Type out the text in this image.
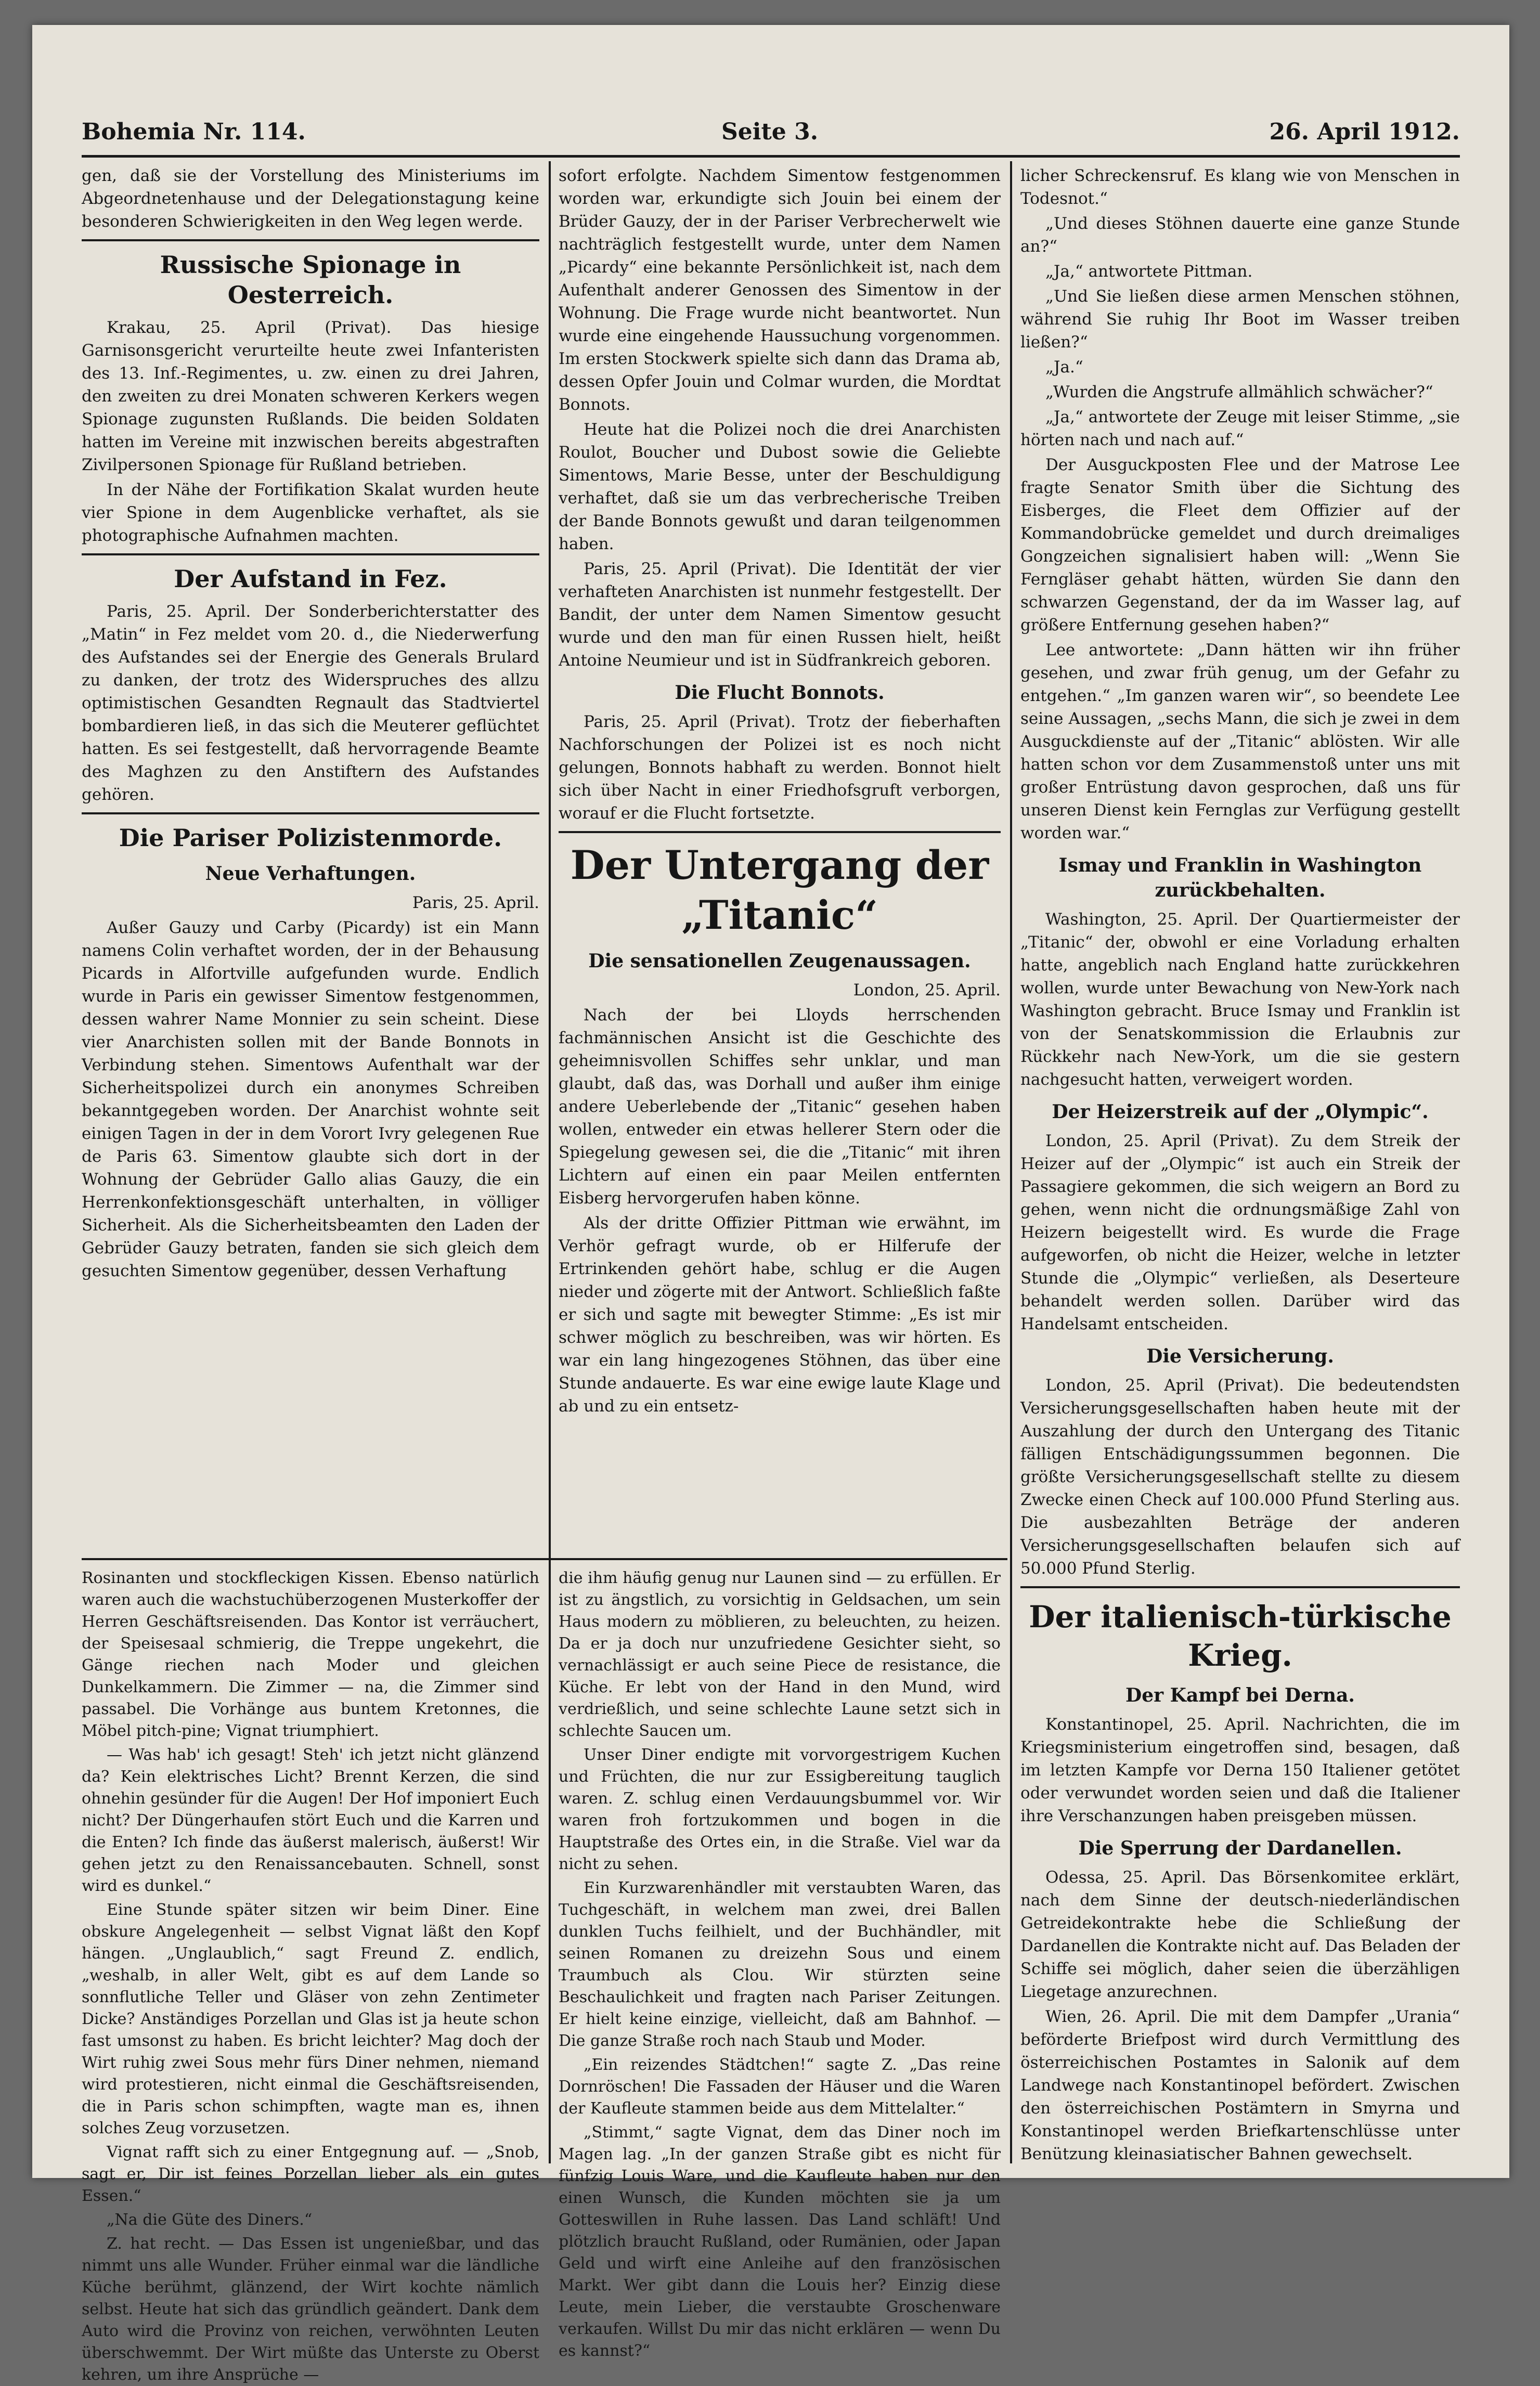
Bohemia Nr. 114.	Seite 3.	26. April 1912.

gen, daß sie der Vorstellung des Ministeriums im Abgeordnetenhause und der Delegationstagung keine besonderen Schwierigkeiten in den Weg legen werde.

Russische Spionage in Oesterreich.

Krakau, 25. April (Privat). Das hiesige Garnisonsgericht verurteilte heute zwei Infanteristen des 13. Inf.-Regimentes, u. zw. einen zu drei Jahren, den zweiten zu drei Monaten schweren Kerkers wegen Spionage zugunsten Rußlands. Die beiden Soldaten hatten im Vereine mit inzwischen bereits abgestraften Zivilpersonen Spionage für Rußland betrieben.

In der Nähe der Fortifikation Skalat wurden heute vier Spione in dem Augenblicke verhaftet, als sie photographische Aufnahmen machten.

Der Aufstand in Fez.

Paris, 25. April. Der Sonderberichterstatter des „Matin“ in Fez meldet vom 20. d., die Niederwerfung des Aufstandes sei der Energie des Generals Brulard zu danken, der trotz des Widerspruches des allzu optimistischen Gesandten Regnault das Stadtviertel bombardieren ließ, in das sich die Meuterer geflüchtet hatten. Es sei festgestellt, daß hervorragende Beamte des Maghzen zu den Anstiftern des Aufstandes gehören.

Die Pariser Polizistenmorde.
Neue Verhaftungen.
Paris, 25. April.

Außer Gauzy und Carby (Picardy) ist ein Mann namens Colin verhaftet worden, der in der Behausung Picards in Alfortville aufgefunden wurde. Endlich wurde in Paris ein gewisser Simentow festgenommen, dessen wahrer Name Monnier zu sein scheint. Diese vier Anarchisten sollen mit der Bande Bonnots in Verbindung stehen. Simentows Aufenthalt war der Sicherheitspolizei durch ein anonymes Schreiben bekanntgegeben worden. Der Anarchist wohnte seit einigen Tagen in der in dem Vorort Ivry gelegenen Rue de Paris 63. Simentow glaubte sich dort in der Wohnung der Gebrüder Gallo alias Gauzy, die ein Herrenkonfektionsgeschäft unterhalten, in völliger Sicherheit. Als die Sicherheitsbeamten den Laden der Gebrüder Gauzy betraten, fanden sie sich gleich dem gesuchten Simentow gegenüber, dessen Verhaftung

sofort erfolgte. Nachdem Simentow festgenommen worden war, erkundigte sich Jouin bei einem der Brüder Gauzy, der in der Pariser Verbrecherwelt wie nachträglich festgestellt wurde, unter dem Namen „Picardy“ eine bekannte Persönlichkeit ist, nach dem Aufenthalt anderer Genossen des Simentow in der Wohnung. Die Frage wurde nicht beantwortet. Nun wurde eine eingehende Haussuchung vorgenommen. Im ersten Stockwerk spielte sich dann das Drama ab, dessen Opfer Jouin und Colmar wurden, die Mordtat Bonnots.

Heute hat die Polizei noch die drei Anarchisten Roulot, Boucher und Dubost sowie die Geliebte Simentows, Marie Besse, unter der Beschuldigung verhaftet, daß sie um das verbrecherische Treiben der Bande Bonnots gewußt und daran teilgenommen haben.

Paris, 25. April (Privat). Die Identität der vier verhafteten Anarchisten ist nunmehr festgestellt. Der Bandit, der unter dem Namen Simentow gesucht wurde und den man für einen Russen hielt, heißt Antoine Neumieur und ist in Südfrankreich geboren.

Die Flucht Bonnots.

Paris, 25. April (Privat). Trotz der fieberhaften Nachforschungen der Polizei ist es noch nicht gelungen, Bonnots habhaft zu werden. Bonnot hielt sich über Nacht in einer Friedhofsgruft verborgen, worauf er die Flucht fortsetzte.

Der Untergang der „Titanic“
Die sensationellen Zeugenaussagen.
London, 25. April.

Nach der bei Lloyds herrschenden fachmännischen Ansicht ist die Geschichte des geheimnisvollen Schiffes sehr unklar, und man glaubt, daß das, was Dorhall und außer ihm einige andere Ueberlebende der „Titanic“ gesehen haben wollen, entweder ein etwas hellerer Stern oder die Spiegelung gewesen sei, die die „Titanic“ mit ihren Lichtern auf einen ein paar Meilen entfernten Eisberg hervorgerufen haben könne.

Als der dritte Offizier Pittman wie erwähnt, im Verhör gefragt wurde, ob er Hilferufe der Ertrinkenden gehört habe, schlug er die Augen nieder und zögerte mit der Antwort. Schließlich faßte er sich und sagte mit bewegter Stimme: „Es ist mir schwer möglich zu beschreiben, was wir hörten. Es war ein lang hingezogenes Stöhnen, das über eine Stunde andauerte. Es war eine ewige laute Klage und ab und zu ein entsetz-

licher Schreckensruf. Es klang wie von Menschen in Todesnot.“

„Und dieses Stöhnen dauerte eine ganze Stunde an?“

„Ja,“ antwortete Pittman.

„Und Sie ließen diese armen Menschen stöhnen, während Sie ruhig Ihr Boot im Wasser treiben ließen?“

„Ja.“

„Wurden die Angstrufe allmählich schwächer?“

„Ja,“ antwortete der Zeuge mit leiser Stimme, „sie hörten nach und nach auf.“

Der Ausguckposten Flee und der Matrose Lee fragte Senator Smith über die Sichtung des Eisberges, die Fleet dem Offizier auf der Kommandobrücke gemeldet und durch dreimaliges Gongzeichen signalisiert haben will: „Wenn Sie Ferngläser gehabt hätten, würden Sie dann den schwarzen Gegenstand, der da im Wasser lag, auf größere Entfernung gesehen haben?“

Lee antwortete: „Dann hätten wir ihn früher gesehen, und zwar früh genug, um der Gefahr zu entgehen.“ „Im ganzen waren wir“, so beendete Lee seine Aussagen, „sechs Mann, die sich je zwei in dem Ausguckdienste auf der „Titanic“ ablösten. Wir alle hatten schon vor dem Zusammenstoß unter uns mit großer Entrüstung davon gesprochen, daß uns für unseren Dienst kein Fernglas zur Verfügung gestellt worden war.“

Ismay und Franklin in Washington zurückbehalten.

Washington, 25. April. Der Quartiermeister der „Titanic“ der, obwohl er eine Vorladung erhalten hatte, angeblich nach England hatte zurückkehren wollen, wurde unter Bewachung von New-York nach Washington gebracht. Bruce Ismay und Franklin ist von der Senatskommission die Erlaubnis zur Rückkehr nach New-York, um die sie gestern nachgesucht hatten, verweigert worden.

Der Heizerstreik auf der „Olympic“.

London, 25. April (Privat). Zu dem Streik der Heizer auf der „Olympic“ ist auch ein Streik der Passagiere gekommen, die sich weigern an Bord zu gehen, wenn nicht die ordnungsmäßige Zahl von Heizern beigestellt wird. Es wurde die Frage aufgeworfen, ob nicht die Heizer, welche in letzter Stunde die „Olympic“ verließen, als Deserteure behandelt werden sollen. Darüber wird das Handelsamt entscheiden.

Die Versicherung.

London, 25. April (Privat). Die bedeutendsten Versicherungsgesellschaften haben heute mit der Auszahlung der durch den Untergang des Titanic fälligen Entschädigungssummen begonnen. Die größte Versicherungsgesellschaft stellte zu diesem Zwecke einen Check auf 100.000 Pfund Sterling aus. Die ausbezahlten Beträge der anderen Versicherungsgesellschaften belaufen sich auf 50.000 Pfund Sterlig.

Der italienisch-türkische Krieg.
Der Kampf bei Derna.

Konstantinopel, 25. April. Nachrichten, die im Kriegsministerium eingetroffen sind, besagen, daß im letzten Kampfe vor Derna 150 Italiener getötet oder verwundet worden seien und daß die Italiener ihre Verschanzungen haben preisgeben müssen.

Die Sperrung der Dardanellen.

Odessa, 25. April. Das Börsenkomitee erklärt, nach dem Sinne der deutsch-niederländischen Getreidekontrakte hebe die Schließung der Dardanellen die Kontrakte nicht auf. Das Beladen der Schiffe sei möglich, daher seien die überzähligen Liegetage anzurechnen.

Wien, 26. April. Die mit dem Dampfer „Urania“ beförderte Briefpost wird durch Vermittlung des österreichischen Postamtes in Salonik auf dem Landwege nach Konstantinopel befördert. Zwischen den österreichischen Postämtern in Smyrna und Konstantinopel werden Briefkartenschlüsse unter Benützung kleinasiatischer Bahnen gewechselt.

Rosinanten und stockfleckigen Kissen. Ebenso natürlich waren auch die wachstuchüberzogenen Musterkoffer der Herren Geschäftsreisenden. Das Kontor ist verräuchert, der Speisesaal schmierig, die Treppe ungekehrt, die Gänge riechen nach Moder und gleichen Dunkelkammern. Die Zimmer — na, die Zimmer sind passabel. Die Vorhänge aus buntem Kretonnes, die Möbel pitch-pine; Vignat triumphiert.

— Was hab' ich gesagt! Steh' ich jetzt nicht glänzend da? Kein elektrisches Licht? Brennt Kerzen, die sind ohnehin gesünder für die Augen! Der Hof imponiert Euch nicht? Der Düngerhaufen stört Euch und die Karren und die Enten? Ich finde das äußerst malerisch, äußerst! Wir gehen jetzt zu den Renaissancebauten. Schnell, sonst wird es dunkel.“

Eine Stunde später sitzen wir beim Diner. Eine obskure Angelegenheit — selbst Vignat läßt den Kopf hängen. „Unglaublich,“ sagt Freund Z. endlich, „weshalb, in aller Welt, gibt es auf dem Lande so sonnflutliche Teller und Gläser von zehn Zentimeter Dicke? Anständiges Porzellan und Glas ist ja heute schon fast umsonst zu haben. Es bricht leichter? Mag doch der Wirt ruhig zwei Sous mehr fürs Diner nehmen, niemand wird protestieren, nicht einmal die Geschäftsreisenden, die in Paris schon schimpften, wagte man es, ihnen solches Zeug vorzusetzen.

Vignat rafft sich zu einer Entgegnung auf. — „Snob, sagt er, Dir ist feines Porzellan lieber als ein gutes Essen.“

„Na die Güte des Diners.“

Z. hat recht. — Das Essen ist ungenießbar, und das nimmt uns alle Wunder. Früher einmal war die ländliche Küche berühmt, glänzend, der Wirt kochte nämlich selbst. Heute hat sich das gründlich geändert. Dank dem Auto wird die Provinz von reichen, verwöhnten Leuten überschwemmt. Der Wirt müßte das Unterste zu Oberst kehren, um ihre Ansprüche —

die ihm häufig genug nur Launen sind — zu erfüllen. Er ist zu ängstlich, zu vorsichtig in Geldsachen, um sein Haus modern zu möblieren, zu beleuchten, zu heizen. Da er ja doch nur unzufriedene Gesichter sieht, so vernachlässigt er auch seine Piece de resistance, die Küche. Er lebt von der Hand in den Mund, wird verdrießlich, und seine schlechte Laune setzt sich in schlechte Saucen um.

Unser Diner endigte mit vorvorgestrigem Kuchen und Früchten, die nur zur Essigbereitung tauglich waren. Z. schlug einen Verdauungsbummel vor. Wir waren froh fortzukommen und bogen in die Hauptstraße des Ortes ein, in die Straße. Viel war da nicht zu sehen.

Ein Kurzwarenhändler mit verstaubten Waren, das Tuchgeschäft, in welchem man zwei, drei Ballen dunklen Tuchs feilhielt, und der Buchhändler, mit seinen Romanen zu dreizehn Sous und einem Traumbuch als Clou. Wir stürzten seine Beschaulichkeit und fragten nach Pariser Zeitungen. Er hielt keine einzige, vielleicht, daß am Bahnhof. — Die ganze Straße roch nach Staub und Moder.

„Ein reizendes Städtchen!“ sagte Z. „Das reine Dornröschen! Die Fassaden der Häuser und die Waren der Kaufleute stammen beide aus dem Mittelalter.“

„Stimmt,“ sagte Vignat, dem das Diner noch im Magen lag. „In der ganzen Straße gibt es nicht für fünfzig Louis Ware, und die Kaufleute haben nur den einen Wunsch, die Kunden möchten sie ja um Gotteswillen in Ruhe lassen. Das Land schläft! Und plötzlich braucht Rußland, oder Rumänien, oder Japan Geld und wirft eine Anleihe auf den französischen Markt. Wer gibt dann die Louis her? Einzig diese Leute, mein Lieber, die verstaubte Groschenware verkaufen. Willst Du mir das nicht erklären — wenn Du es kannst?“
